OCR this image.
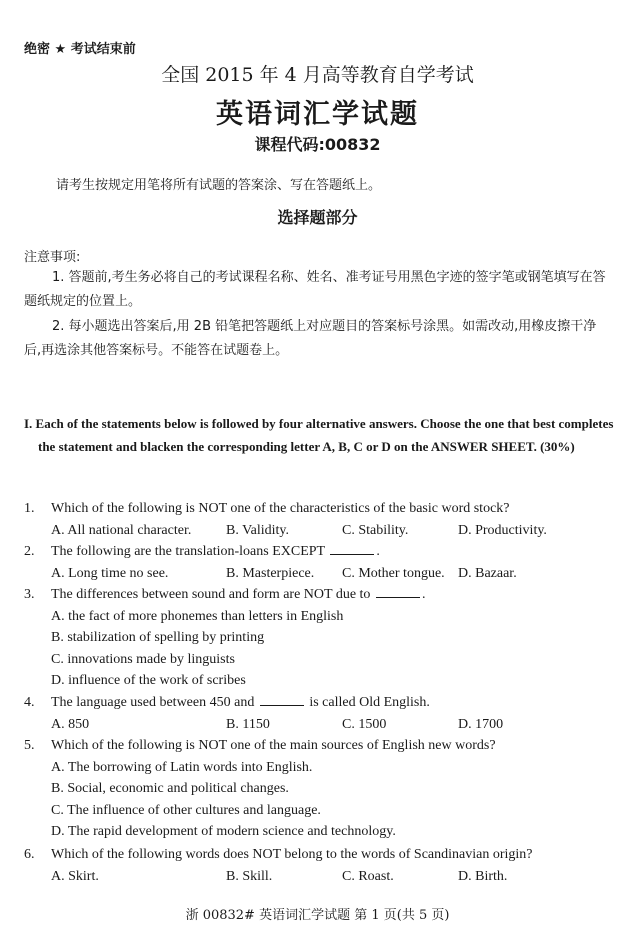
绝密 ★ 考试结束前
全国 2015 年 4 月高等教育自学考试
英语词汇学试题
课程代码:00832
请考生按规定用笔将所有试题的答案涂、写在答题纸上。
选择题部分
注意事项:
1. 答题前,考生务必将自己的考试课程名称、姓名、准考证号用黑色字迹的签字笔或钢笔填写在答题纸规定的位置上。
2. 每小题选出答案后,用 2B 铅笔把答题纸上对应题目的答案标号涂黑。如需改动,用橡皮擦干净后,再选涂其他答案标号。不能答在试题卷上。
I. Each of the statements below is followed by four alternative answers. Choose the one that best completes the statement and blacken the corresponding letter A, B, C or D on the ANSWER SHEET. (30%)
1. Which of the following is NOT one of the characteristics of the basic word stock?
A. All national character. B. Validity.	C. Stability.	D. Productivity.
2. The following are the translation-loans EXCEPT	.
A. Long time no see.	B. Masterpiece. C. Mother tongue. D. Bazaar.
3. The differences between sound and form are NOT due to	.
A. the fact of more phonemes than letters in English
B. stabilization of spelling by printing
C. innovations made by linguists
D. influence of the work of scribes
4. The language used between 450 and	is called Old English.
A. 850	B. 1150	C. 1500	D. 1700
5. Which of the following is NOT one of the main sources of English new words?
A. The borrowing of Latin words into English.
B. Social, economic and political changes.
C. The influence of other cultures and language.
D. The rapid development of modern science and technology.
6. Which of the following words does NOT belong to the words of Scandinavian origin?
A. Skirt.	B. Skill.	C. Roast.	D. Birth.
浙 00832# 英语词汇学试题 第 1 页(共 5 页)
